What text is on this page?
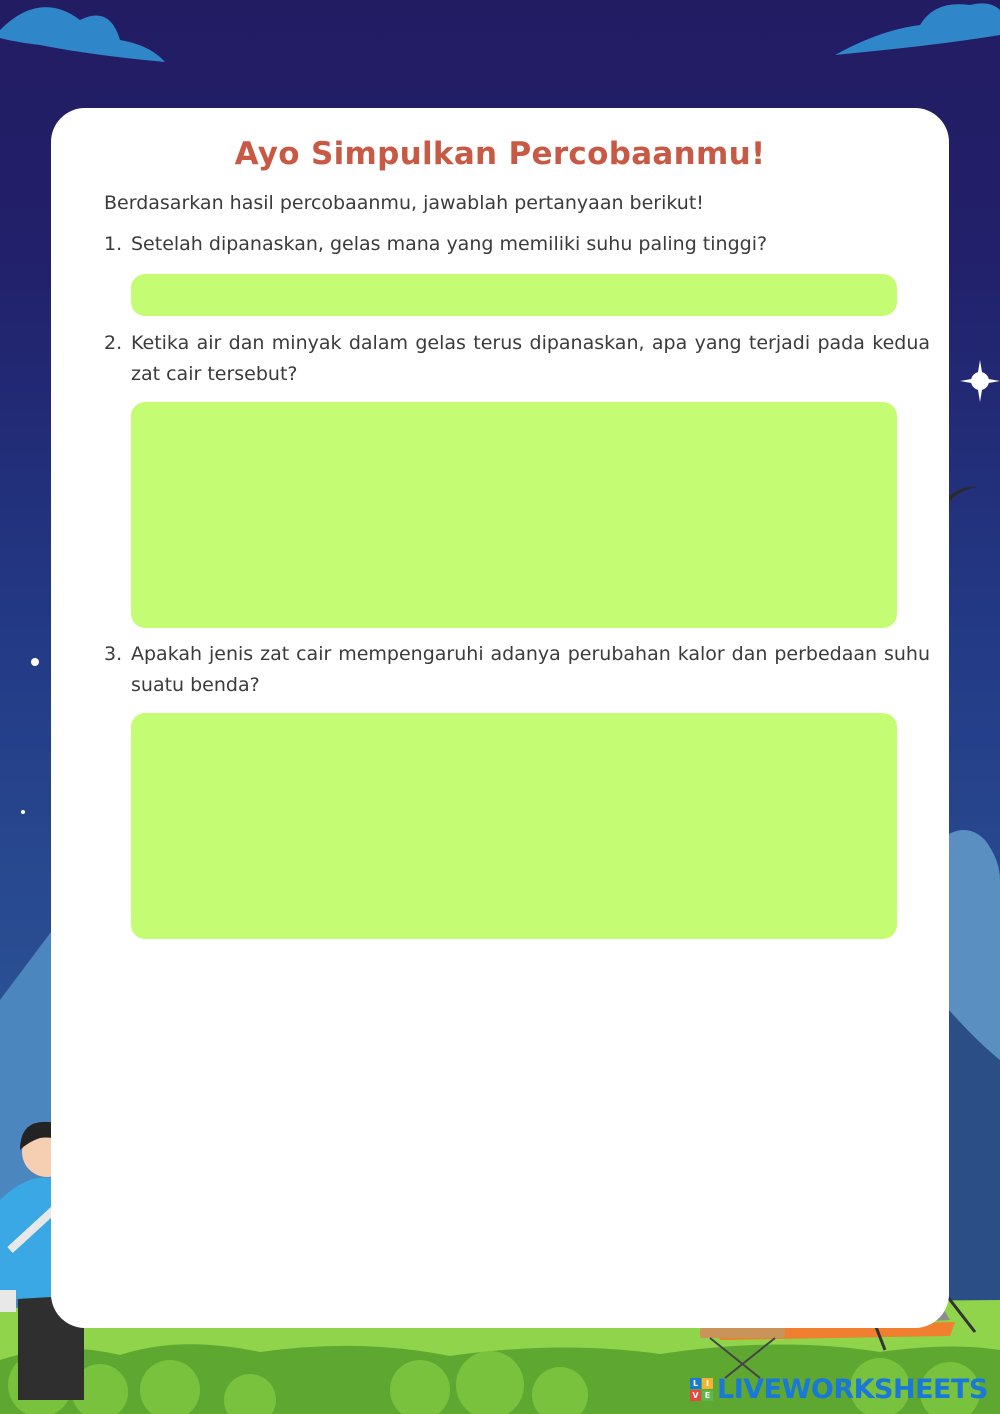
Ayo Simpulkan Percobaanmu!
Berdasarkan hasil percobaanmu, jawablah pertanyaan berikut!
1. Setelah dipanaskan, gelas mana yang memiliki suhu paling tinggi?
2. Ketika air dan minyak dalam gelas terus dipanaskan, apa yang terjadi pada kedua zat cair tersebut?
3. Apakah jenis zat cair mempengaruhi adanya perubahan kalor dan perbedaan suhu suatu benda?
L I
V E LIVEWORKSHEETS
